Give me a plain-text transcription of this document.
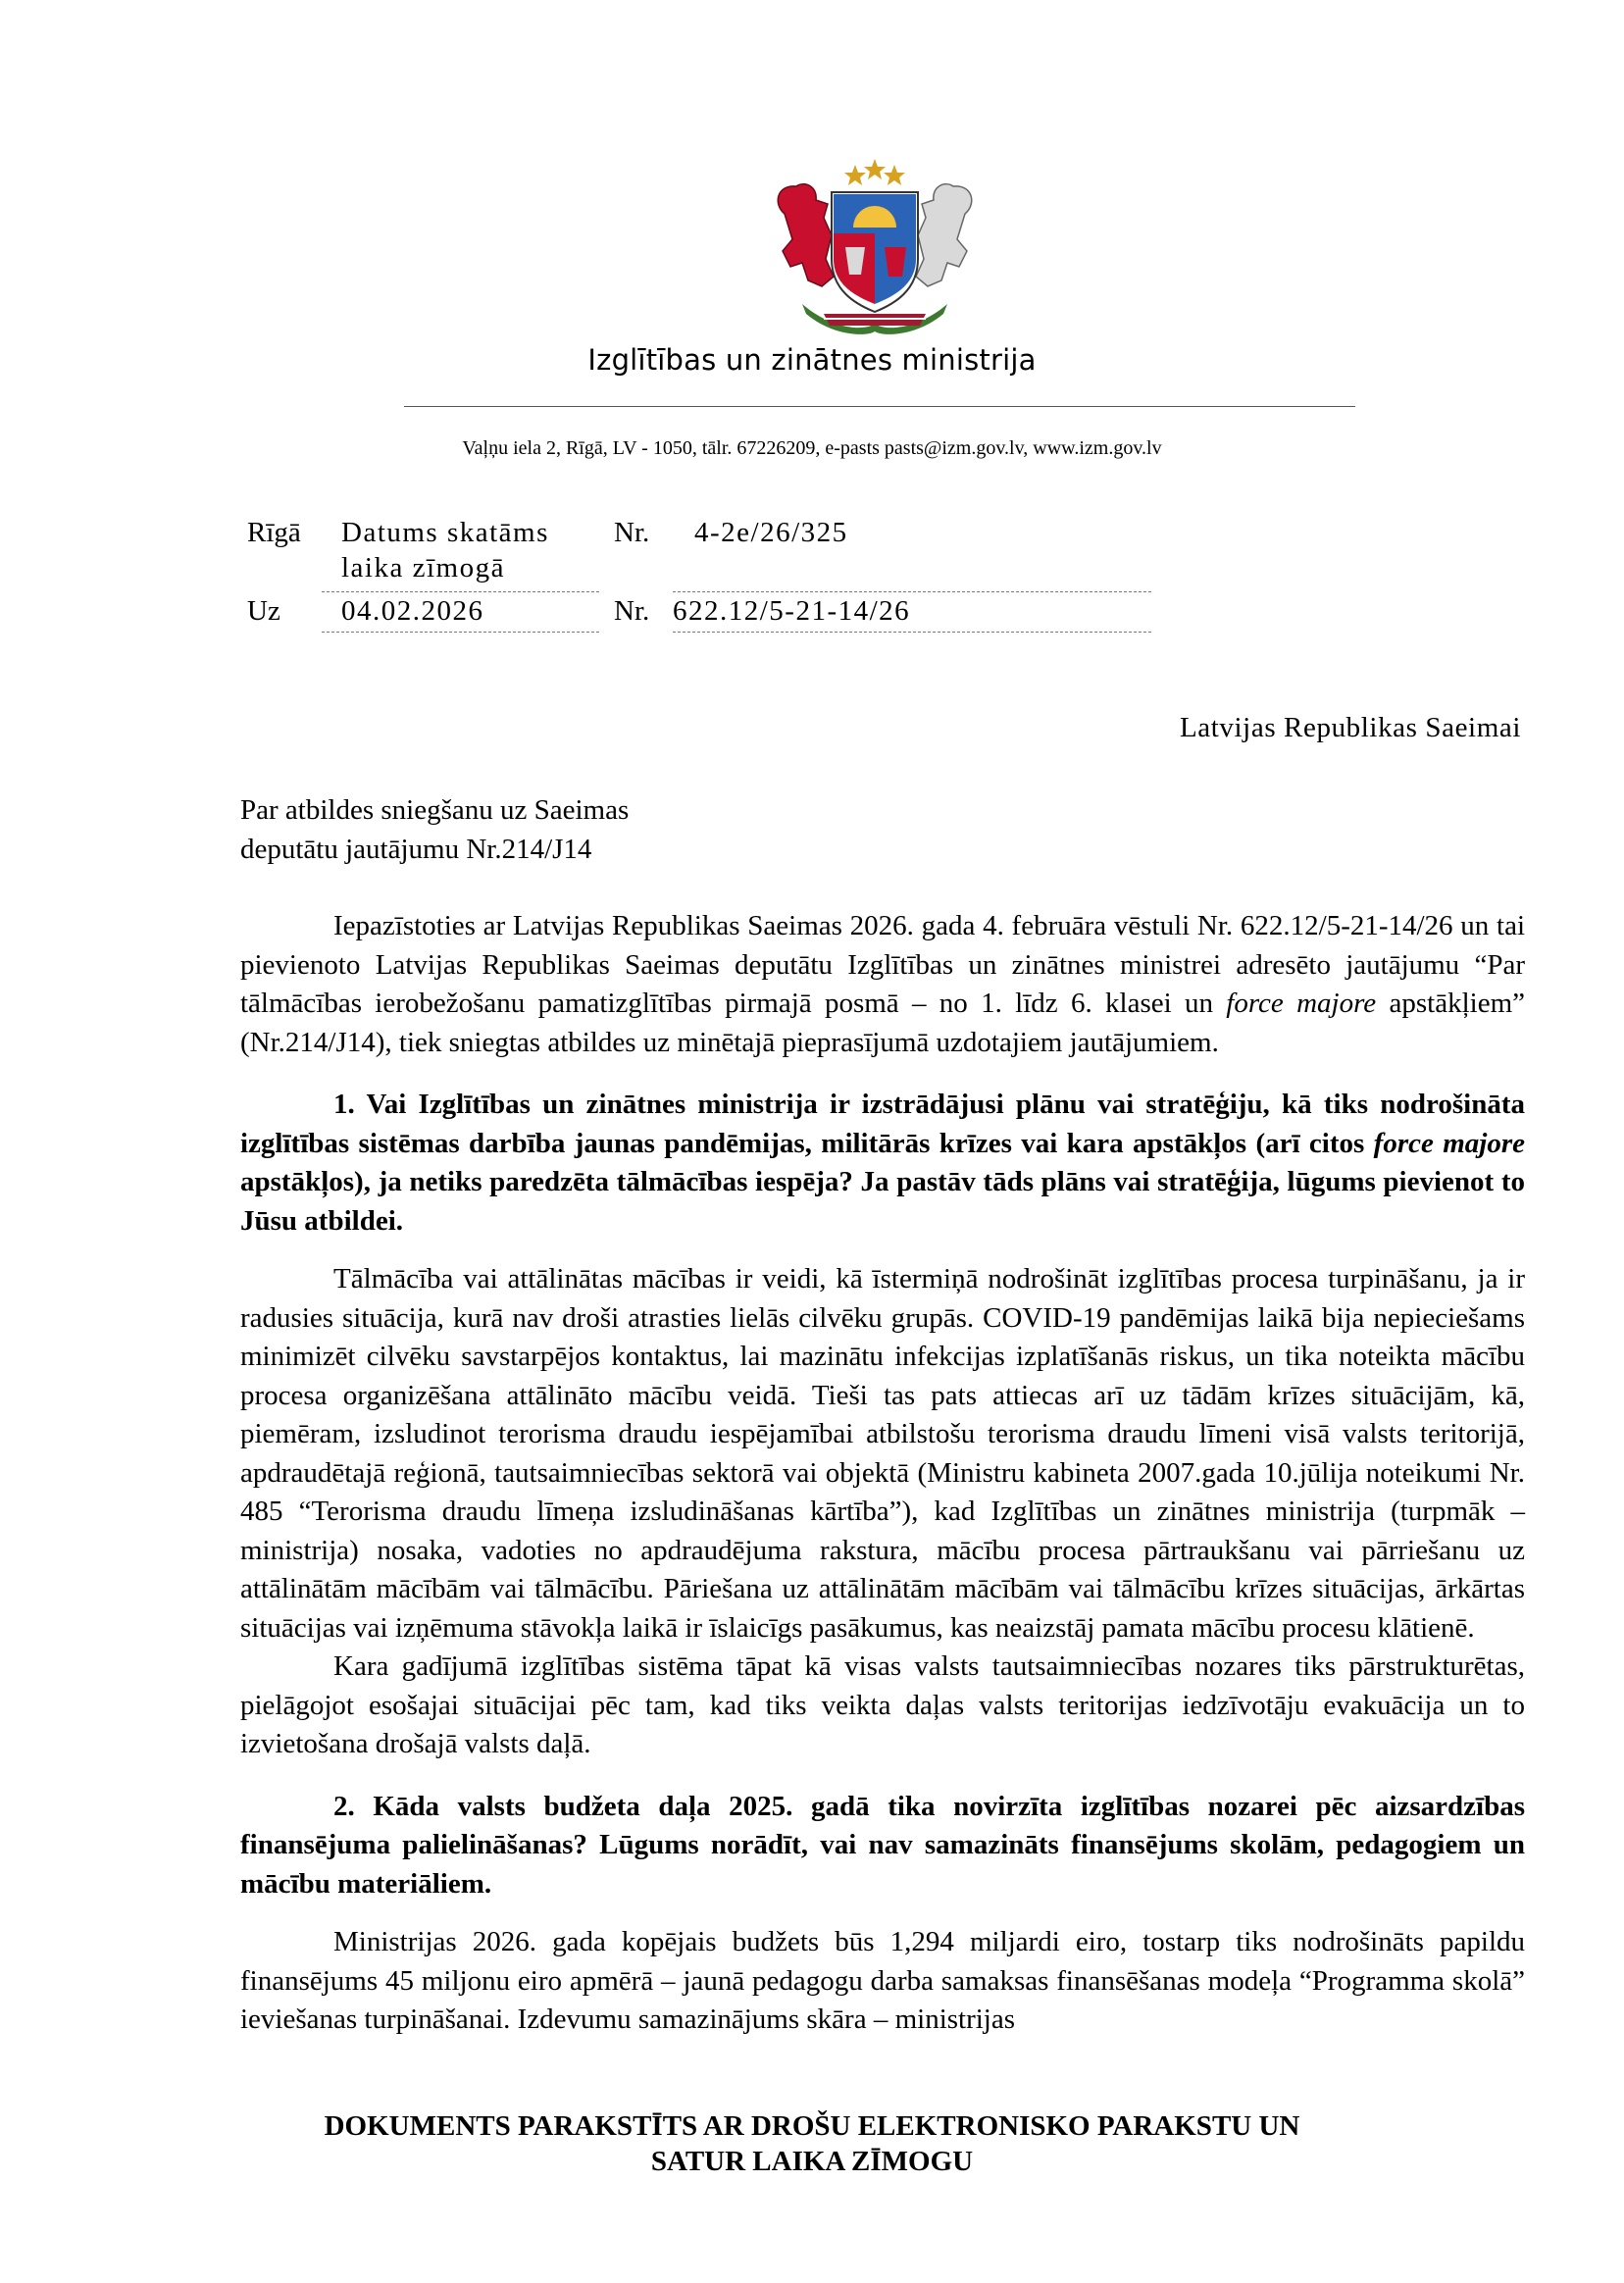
Izglītības un zinātnes ministrija
Vaļņu iela 2, Rīgā, LV - 1050, tālr. 67226209, e-pasts pasts@izm.gov.lv, www.izm.gov.lv
Rīgā Datums skatāms
laika zīmogā
Nr. 4-2e/26/325
Uz 04.02.2026	Nr. 622.12/5-21-14/26
Latvijas Republikas Saeimai
Par atbildes sniegšanu uz Saeimas
deputātu jautājumu Nr.214/J14

Iepazīstoties ar Latvijas Republikas Saeimas 2026. gada 4. februāra vēstuli Nr. 622.12/5-21-14/26 un tai pievienoto Latvijas Republikas Saeimas deputātu Izglītības un zinātnes ministrei adresēto jautājumu “Par tālmācības ierobežošanu pamatizglītības pirmajā posmā – no 1. līdz 6. klasei un force majore apstākļiem” (Nr.214/J14), tiek sniegtas atbildes uz minētajā pieprasījumā uzdotajiem jautājumiem.

1. Vai Izglītības un zinātnes ministrija ir izstrādājusi plānu vai stratēģiju, kā tiks nodrošināta izglītības sistēmas darbība jaunas pandēmijas, militārās krīzes vai kara apstākļos (arī citos force majore apstākļos), ja netiks paredzēta tālmācības iespēja? Ja pastāv tāds plāns vai stratēģija, lūgums pievienot to Jūsu atbildei.

Tālmācība vai attālinātas mācības ir veidi, kā īstermiņā nodrošināt izglītības procesa turpināšanu, ja ir radusies situācija, kurā nav droši atrasties lielās cilvēku grupās. COVID-19 pandēmijas laikā bija nepieciešams minimizēt cilvēku savstarpējos kontaktus, lai mazinātu infekcijas izplatīšanās riskus, un tika noteikta mācību procesa organizēšana attālināto mācību veidā. Tieši tas pats attiecas arī uz tādām krīzes situācijām, kā, piemēram, izsludinot terorisma draudu iespējamībai atbilstošu terorisma draudu līmeni visā valsts teritorijā, apdraudētajā reģionā, tautsaimniecības sektorā vai objektā (Ministru kabineta 2007.gada 10.jūlija noteikumi Nr. 485 “Terorisma draudu līmeņa izsludināšanas kārtība”), kad Izglītības un zinātnes ministrija (turpmāk – ministrija) nosaka, vadoties no apdraudējuma rakstura, mācību procesa pārtraukšanu vai pārriešanu uz attālinātām mācībām vai tālmācību. Pāriešana uz attālinātām mācībām vai tālmācību krīzes situācijas, ārkārtas situācijas vai izņēmuma stāvokļa laikā ir īslaicīgs pasākumus, kas neaizstāj pamata mācību procesu klātienē.

Kara gadījumā izglītības sistēma tāpat kā visas valsts tautsaimniecības nozares tiks pārstrukturētas, pielāgojot esošajai situācijai pēc tam, kad tiks veikta daļas valsts teritorijas iedzīvotāju evakuācija un to izvietošana drošajā valsts daļā.

2. Kāda valsts budžeta daļa 2025. gadā tika novirzīta izglītības nozarei pēc aizsardzības finansējuma palielināšanas? Lūgums norādīt, vai nav samazināts finansējums skolām, pedagogiem un mācību materiāliem.

Ministrijas 2026. gada kopējais budžets būs 1,294 miljardi eiro, tostarp tiks nodrošināts papildu finansējums 45 miljonu eiro apmērā – jaunā pedagogu darba samaksas finansēšanas modeļa “Programma skolā” ieviešanas turpināšanai. Izdevumu samazinājums skāra – ministrijas

DOKUMENTS PARAKSTĪTS AR DROŠU ELEKTRONISKO PARAKSTU UN
SATUR LAIKA ZĪMOGU
